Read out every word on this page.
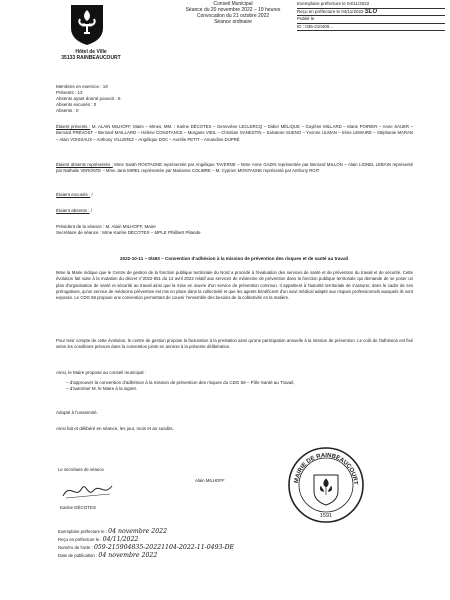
Hôtel de Ville
35133 RAINBEAUCOURT
Conseil Municipal
Séance du 20 novembre 2022 – 19 heures
Convocation du 21 octobre 2022
Séance ordinaire
Exemplaire préfecture le 04/11/2022
Reçu en préfecture le 04/11/2022 SLO
Publié le
ID : 035-210400...
Membres en exercice : 19
Présents : 13
Absents ayant donné pouvoir : 6
Absents excusés : 0
Absents : 0
Étaient présents : M. ALAIN MILHOFF, Maire – Mmes, MM. : Karine DÉCOTES – Geneviève LECLERCQ – Didier MÉLIQUE – Guylène MILLARD – Marie POIRIER – Anne SAUER – Bernard PRÉVOST – Bernard MAILLARD – Hélène CONSTANCE – Morgane VIEIL – Christian GANESTIN – Salvatore SUENO – Yvonne ULMAN – Irène LEMAIRE – Stéphanie MARAN – Alain VOISSAUX – Anthony VILLEREZ – Angélique DOC – Aurélie PETIT – Amandine DUPRÉ
Étaient absents représentés : Mme Sarah ROSTAGNE représentée par Angélique TAVERNE – Mme Anne GAZIN représentée par Bernard MILLON – Alain LIONEL LEBAIN représenté par Nathalie VERONTE – Mme Jane MIREL représentée par Marianne COLIBRE – M. Cyprien MONTAGNE représenté par Anthony ROIT
Étaient excusés : /
Étaient absents : /
Président de la séance : M. Alain MILHOFF, Maire
Secrétaire de séance : Mme Karine DÉCOTES – MPLE Philibert Pilande
2022-10-11 – 0/493 – Convention d'adhésion à la mission de prévention des risques et de santé au travail
Mme la Maire indique que le Centre de gestion de la fonction publique territoriale du Nord a procédé à l'évaluation des services de santé et de prévention du travail et de sécurité. Cette évolution fait suite à la mutation du décret n°2022-551 du 13 avril 2022 relatif aux services de médecine de prévention dans la fonction publique territoriale qui demande de se poser un plan d'organisation de santé et sécurité au travail ainsi que la mise en œuvre d'un service de prévention commun. Il appartient à l'autorité territoriale de s'assurer, dans le cadre de ses prérogatives, qu'un service de médecine préventive est mis en place dans la collectivité et que les agents bénéficient d'un suivi médical adapté aux risques professionnels auxquels ils sont exposés. Le CDG 59 propose une convention permettant de couvrir l'ensemble des besoins de la collectivité en la matière.
Pour tenir compte de cette évolution, le centre de gestion propose la facturation à la prestation ainsi qu'une participation annuelle à la mission de prévention. Le coût de l'adhésion est fixé selon les conditions prévues dans la convention jointe en annexe à la présente délibération.
Ainsi, le Maire propose au conseil municipal :
– d'approuver la convention d'adhésion à la mission de prévention des risques du CDG 59 – Pôle Santé au Travail,
– d'autoriser M. le Maire à la signer.
Adopté à l'unanimité.
Ainsi fait et délibéré en séance, les jour, mois et an susdits.
Le secrétaire de séance
Karine DÉCOTES
Alain MILHOFF	MAIRIE DE RAINBEAUCOURT
1591
Exemplaire préfecture le : 04 novembre 2022
Reçu en préfecture le : 04/11/2022
Numéro de l'acte : 059-215904835-20221104-2022-11-0493-DE
Date de publication : 04 novembre 2022
